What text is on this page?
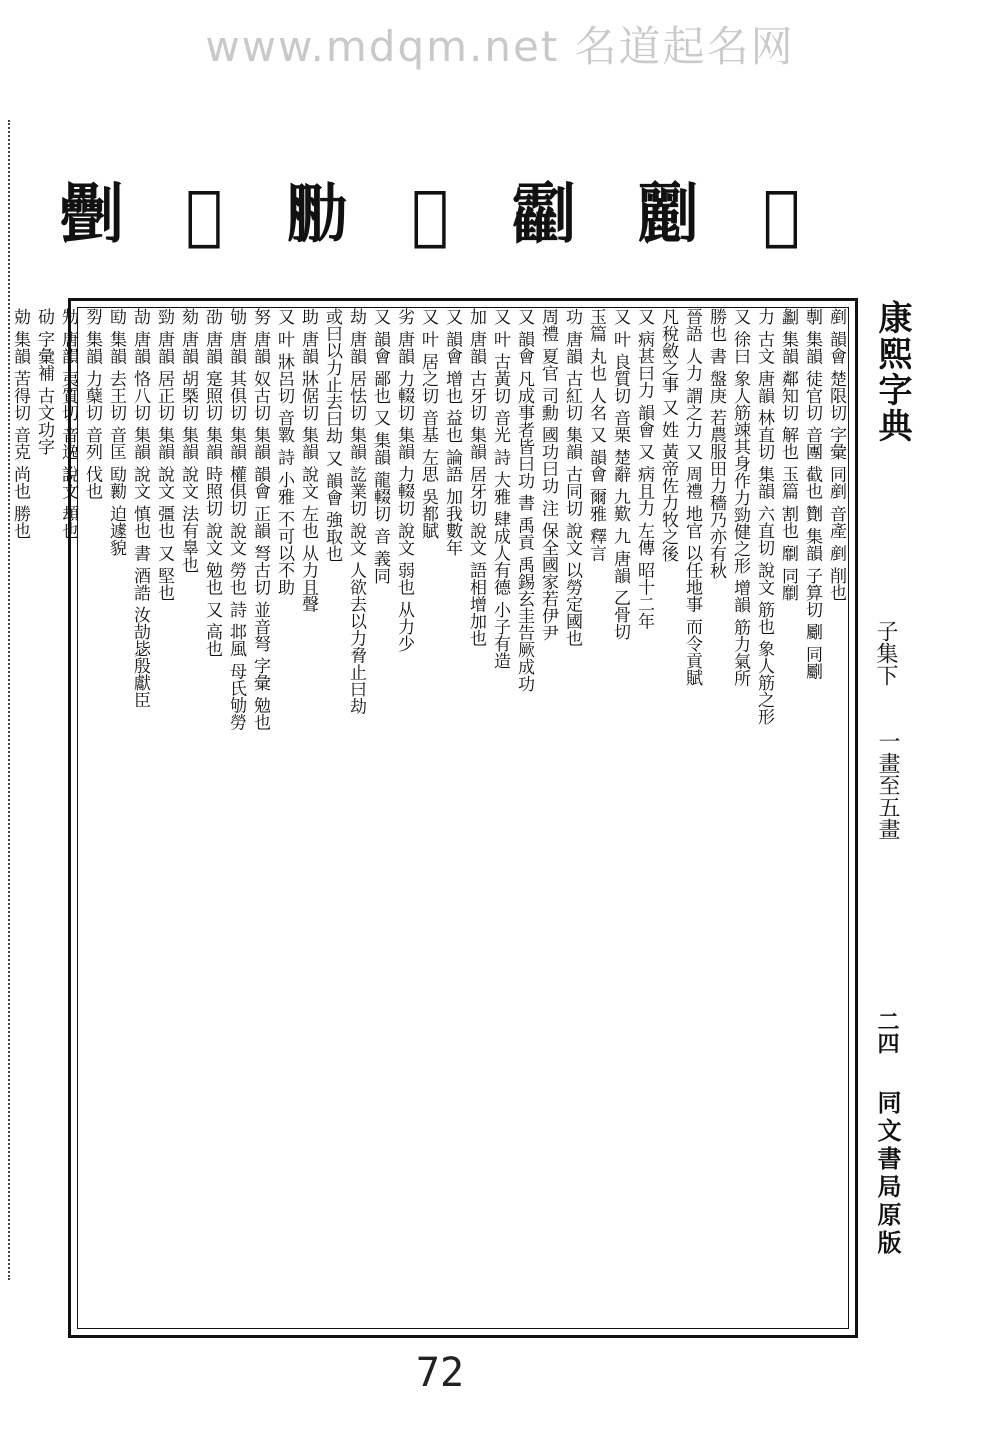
www.mdqm.net 名道起名网
𠠯 𠠴 𠡮 𠡆 𠠰 𠠫 𠡠
剷 韻會 楚限切 字彙 同剷 音產 剷 削也
剸 集韻 徒官切 音團 截也 劗 集韻 子算切 劚 同劚
劙 集韻 鄰知切 解也 玉篇 割也 劘 同劘
力 古文 唐韻 林直切 集韻 六直切 說文 筋也 象人筋之形
又 徐曰 象人筋竦其身作力勁健之形 增韻 筋力氣所
勝也 書 盤庚 若農服田力穡乃亦有秋
晉語 人力 謂之力 又 周禮 地官 以任地事 而令貢賦
凡稅斂之事 又 姓 黃帝佐力牧之後
又 病甚曰力 韻會 又 病且力 左傳 昭十二年
又 叶 良質切 音栗 楚辭 九歎 九 唐韻 乙骨切
玉篇 丸也 人名 又 韻會 爾雅 釋言
功 唐韻 古紅切 集韻 古同切 說文 以勞定國也
周禮 夏官 司勳 國功曰功 注 保全國家若伊尹
又 韻會 凡成事者皆曰功 書 禹貢 禹錫玄圭告厥成功
又 叶 古黃切 音光 詩 大雅 肆成人有德 小子有造
加 唐韻 古牙切 集韻 居牙切 說文 語相增加也
又 韻會 增也 益也 論語 加我數年
又 叶 居之切 音基 左思 吳都賦
劣 唐韻 力輟切 集韻 力輟切 說文 弱也 从力少
又 韻會 鄙也 又 集韻 龍輟切 音 義同
劫 唐韻 居怯切 集韻 訖業切 說文 人欲去以力脅止曰劫
或曰以力止去曰劫 又 韻會 強取也
助 唐韻 牀倨切 集韻 說文 左也 从力且聲
又 叶 牀呂切 音斁 詩 小雅 不可以不助
努 唐韻 奴古切 集韻 韻會 正韻 弩古切 並音弩 字彙 勉也
劬 唐韻 其俱切 集韻 權俱切 說文 勞也 詩 邶風 母氏劬勞
劭 唐韻 寔照切 集韻 時照切 說文 勉也 又 高也
劾 唐韻 胡槩切 集韻 說文 法有辠也
勁 唐韻 居正切 集韻 說文 彊也 又 堅也
劼 唐韻 恪八切 集韻 說文 慎也 書 酒誥 汝劼毖殷獻臣
劻 集韻 去王切 音匡 劻勷 迫遽貌
劽 集韻 力蘖切 音列 伐也
劮 唐韻 夷質切 音逸 說文 䪺也
劯 字彙補 古文功字
勀 集韻 苦得切 音克 尚也 勝也	康熙字典
子集下
一畫至五畫
二四
同文書局原版
72
